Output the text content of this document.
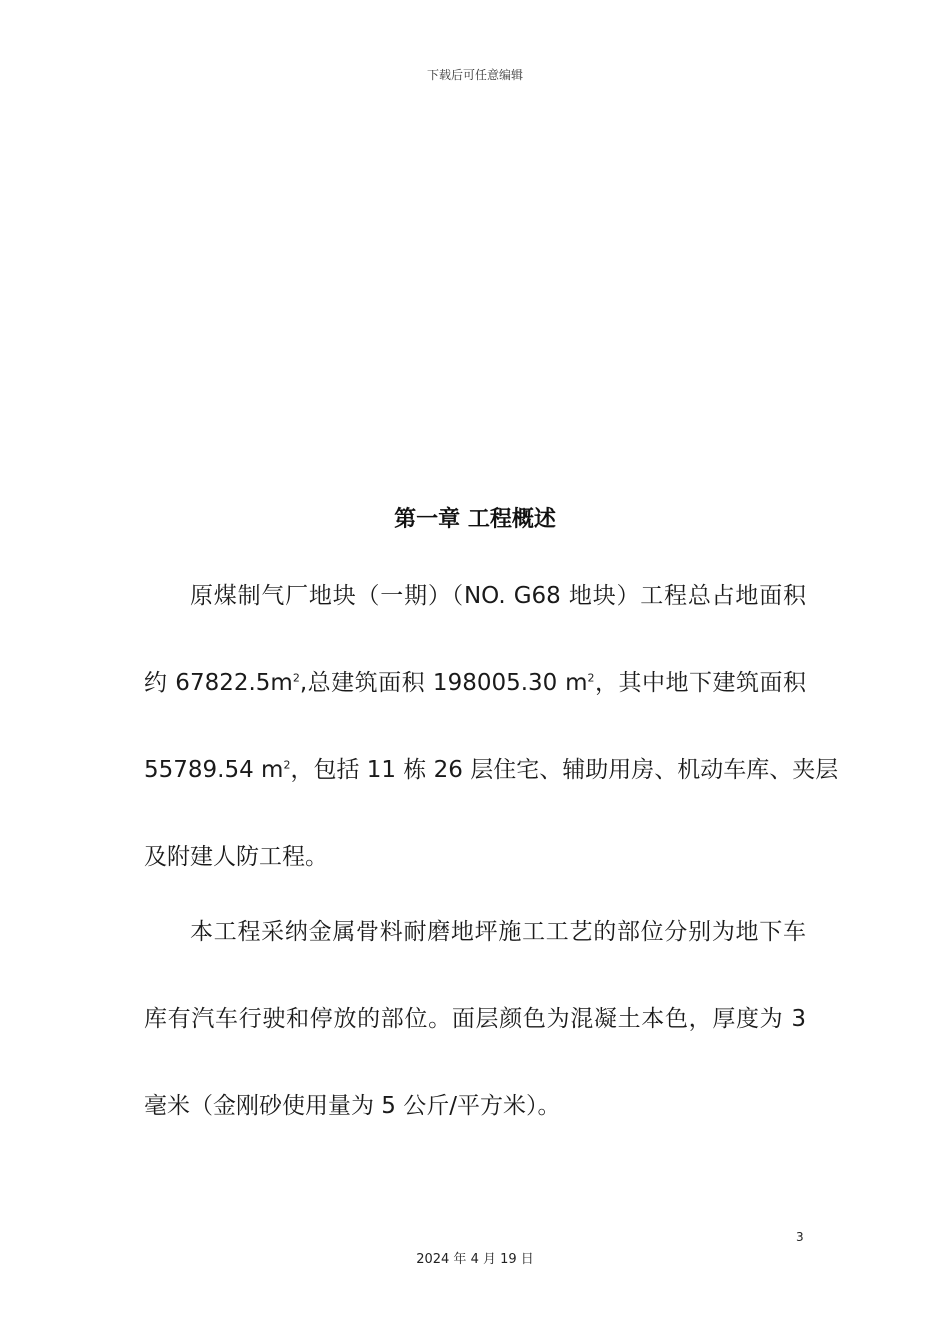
下载后可任意编辑
第一章 工程概述
原煤制气厂地块（一期）（NO. G68 地块）工程总占地面积
约 $67822.5m^2$,总建筑面积 198005.30 $m^2$，其中地下建筑面积
55789.54 $m^2$，包括 11 栋 26 层住宅、辅助用房、机动车库、夹层
及附建人防工程。
本工程采纳金属骨料耐磨地坪施工工艺的部位分别为地下车
库有汽车行驶和停放的部位。面层颜色为混凝土本色，厚度为 3
毫米（金刚砂使用量为 5 公斤/平方米）。
3
2024 年 4 月 19 日
